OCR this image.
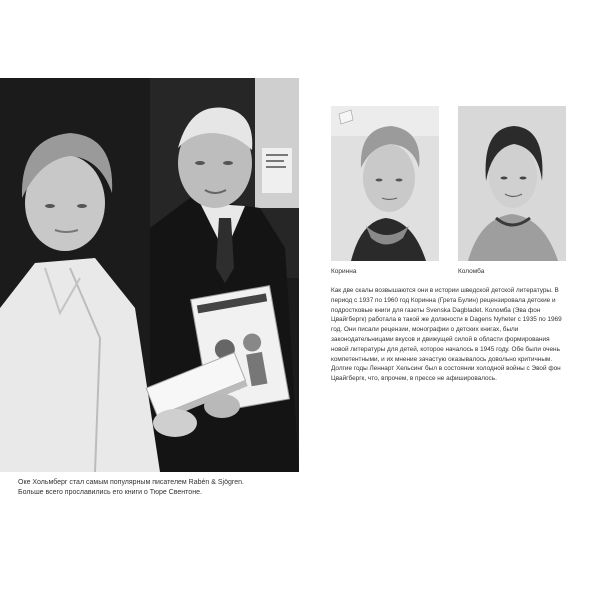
Оке Хольмберг стал самым популярным писателем Rabén & Sjögren.

Больше всего прославились его книги о Тюре Свентоне.

Коринна	Коломба

Как две скалы возвышаются они в истории шведской детской литературы. В период с 1937 по 1960 год Коринна (Грета Булин) рецензировала детские и подростковые книги для газеты Svenska Dagbladet. Коломба (Эва фон Цвайгбергк) работала в такой же должности в Dagens Nyheter с 1935 по 1969 год. Они писали рецензии, монографии о детских книгах, были законодательницами вкусов и движущей силой в области формирования новой литературы для детей, которое началось в 1945 году. Обе были очень компетентными, и их мнение зачастую оказывалось довольно критичным. Долгие годы Леннарт Хельсинг был в состоянии холодной войны с Эвой фон Цвайгбергк, что, впрочем, в прессе не афишировалось.
